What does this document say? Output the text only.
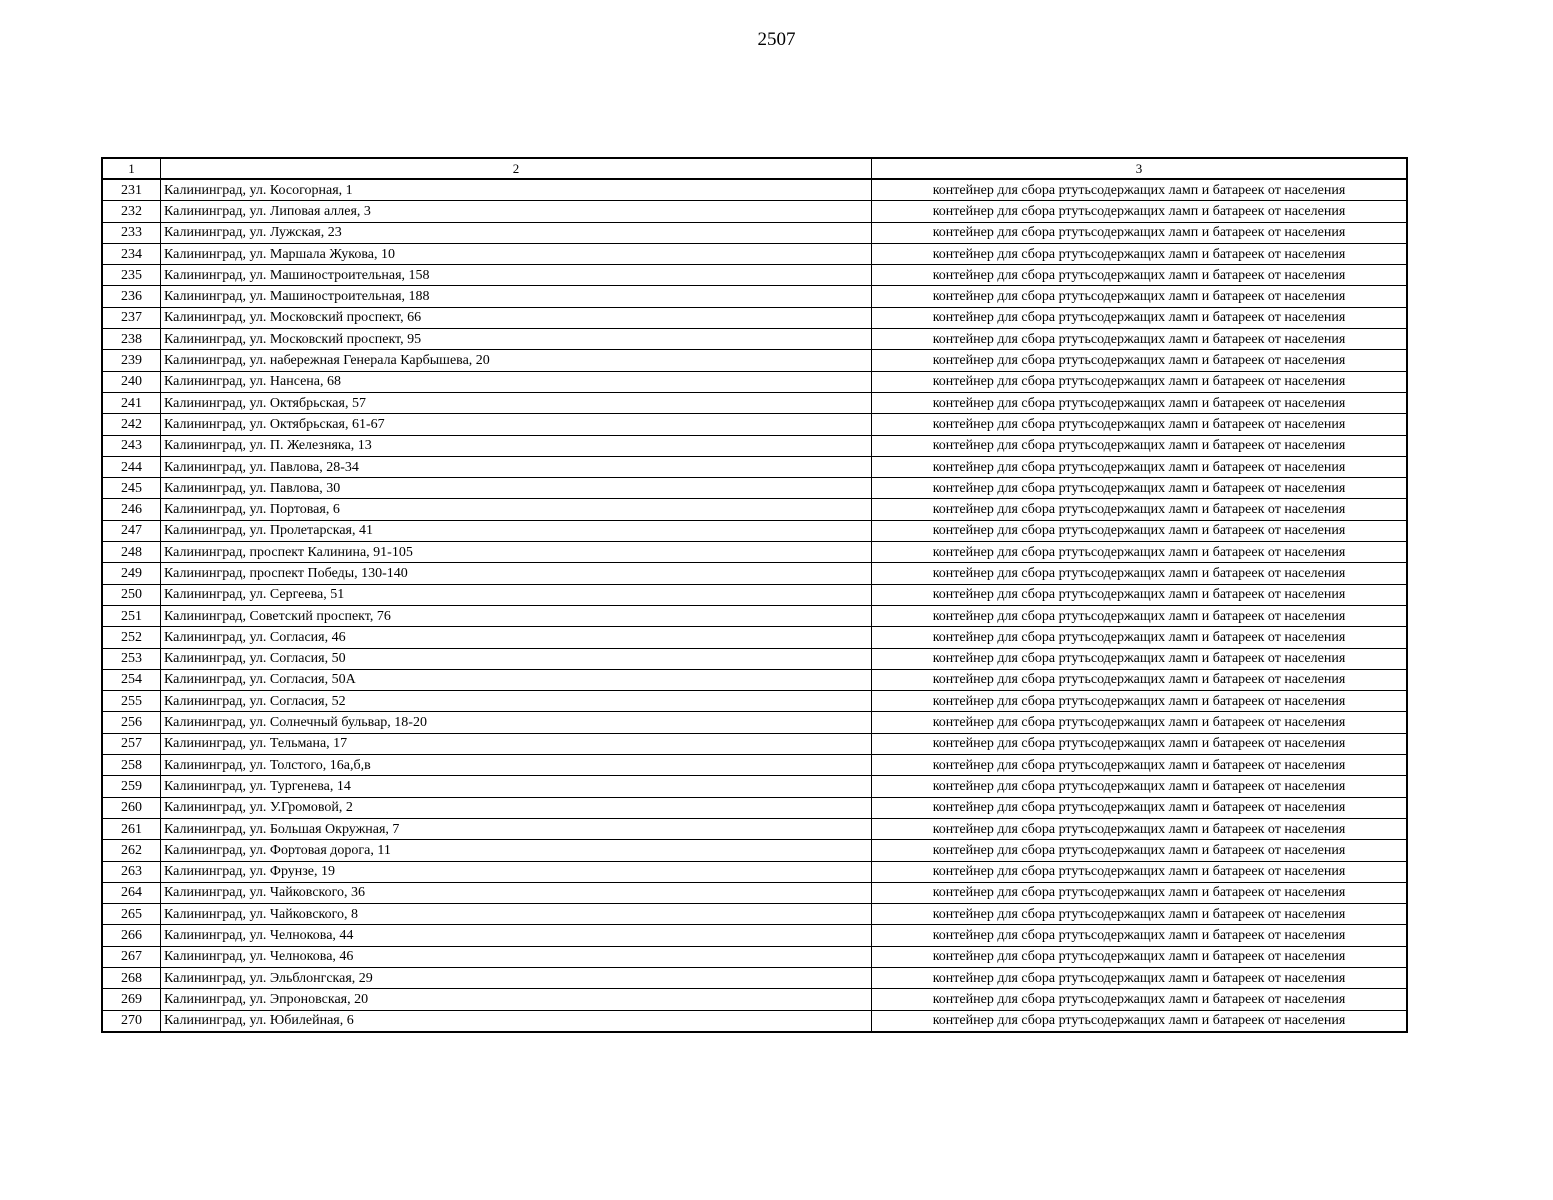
2507
1	2	3
231	Калининград, ул. Косогорная, 1	контейнер для сбора ртутьсодержащих ламп и батареек от населения
232	Калининград, ул. Липовая аллея, 3	контейнер для сбора ртутьсодержащих ламп и батареек от населения
233	Калининград, ул. Лужская, 23	контейнер для сбора ртутьсодержащих ламп и батареек от населения
234	Калининград, ул. Маршала Жукова, 10	контейнер для сбора ртутьсодержащих ламп и батареек от населения
235	Калининград, ул. Машиностроительная, 158	контейнер для сбора ртутьсодержащих ламп и батареек от населения
236	Калининград, ул. Машиностроительная, 188	контейнер для сбора ртутьсодержащих ламп и батареек от населения
237	Калининград, ул. Московский проспект, 66	контейнер для сбора ртутьсодержащих ламп и батареек от населения
238	Калининград, ул. Московский проспект, 95	контейнер для сбора ртутьсодержащих ламп и батареек от населения
239	Калининград, ул. набережная Генерала Карбышева, 20	контейнер для сбора ртутьсодержащих ламп и батареек от населения
240	Калининград, ул. Нансена, 68	контейнер для сбора ртутьсодержащих ламп и батареек от населения
241	Калининград, ул. Октябрьская, 57	контейнер для сбора ртутьсодержащих ламп и батареек от населения
242	Калининград, ул. Октябрьская, 61-67	контейнер для сбора ртутьсодержащих ламп и батареек от населения
243	Калининград, ул. П. Железняка, 13	контейнер для сбора ртутьсодержащих ламп и батареек от населения
244	Калининград, ул. Павлова, 28-34	контейнер для сбора ртутьсодержащих ламп и батареек от населения
245	Калининград, ул. Павлова, 30	контейнер для сбора ртутьсодержащих ламп и батареек от населения
246	Калининград, ул. Портовая, 6	контейнер для сбора ртутьсодержащих ламп и батареек от населения
247	Калининград, ул. Пролетарская, 41	контейнер для сбора ртутьсодержащих ламп и батареек от населения
248	Калининград, проспект Калинина, 91-105	контейнер для сбора ртутьсодержащих ламп и батареек от населения
249	Калининград, проспект Победы, 130-140	контейнер для сбора ртутьсодержащих ламп и батареек от населения
250	Калининград, ул. Сергеева, 51	контейнер для сбора ртутьсодержащих ламп и батареек от населения
251	Калининград, Советский проспект, 76	контейнер для сбора ртутьсодержащих ламп и батареек от населения
252	Калининград, ул. Согласия, 46	контейнер для сбора ртутьсодержащих ламп и батареек от населения
253	Калининград, ул. Согласия, 50	контейнер для сбора ртутьсодержащих ламп и батареек от населения
254	Калининград, ул. Согласия, 50А	контейнер для сбора ртутьсодержащих ламп и батареек от населения
255	Калининград, ул. Согласия, 52	контейнер для сбора ртутьсодержащих ламп и батареек от населения
256	Калининград, ул. Солнечный бульвар, 18-20	контейнер для сбора ртутьсодержащих ламп и батареек от населения
257	Калининград, ул. Тельмана, 17	контейнер для сбора ртутьсодержащих ламп и батареек от населения
258	Калининград, ул. Толстого, 16а,б,в	контейнер для сбора ртутьсодержащих ламп и батареек от населения
259	Калининград, ул. Тургенева, 14	контейнер для сбора ртутьсодержащих ламп и батареек от населения
260	Калининград, ул. У.Громовой, 2	контейнер для сбора ртутьсодержащих ламп и батареек от населения
261	Калининград, ул. Большая Окружная, 7	контейнер для сбора ртутьсодержащих ламп и батареек от населения
262	Калининград, ул. Фортовая дорога, 11	контейнер для сбора ртутьсодержащих ламп и батареек от населения
263	Калининград, ул. Фрунзе, 19	контейнер для сбора ртутьсодержащих ламп и батареек от населения
264	Калининград, ул. Чайковского, 36	контейнер для сбора ртутьсодержащих ламп и батареек от населения
265	Калининград, ул. Чайковского, 8	контейнер для сбора ртутьсодержащих ламп и батареек от населения
266	Калининград, ул. Челнокова, 44	контейнер для сбора ртутьсодержащих ламп и батареек от населения
267	Калининград, ул. Челнокова, 46	контейнер для сбора ртутьсодержащих ламп и батареек от населения
268	Калининград, ул. Эльблонгская, 29	контейнер для сбора ртутьсодержащих ламп и батареек от населения
269	Калининград, ул. Эпроновская, 20	контейнер для сбора ртутьсодержащих ламп и батареек от населения
270	Калининград, ул. Юбилейная, 6	контейнер для сбора ртутьсодержащих ламп и батареек от населения
